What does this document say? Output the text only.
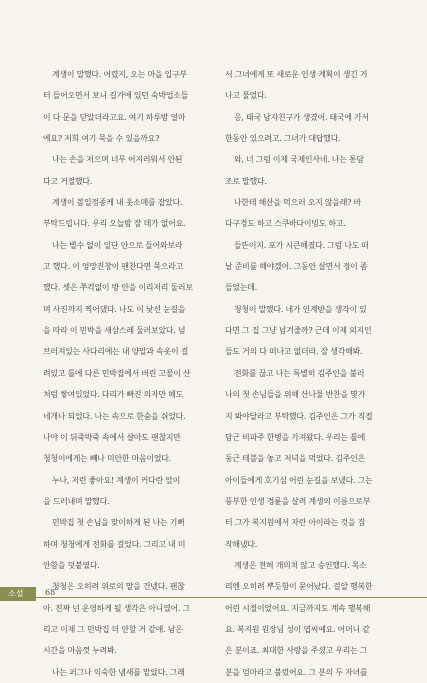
계생이 말했다. 어렸지, 오는 마을 입구부
터 들어오면서 보니 길가에 있던 숙박업소들
이 다 문을 닫았더라고요. 여기 하루밤 얼마
에요? 저희 여기 묵을 수 있을까요?
나는 손을 저으며 너무 어지러워서 안된
다고 거절했다.
계생이 볼일정종케 내 옷소매를 잡았다.
부탁드립니다. 우리 오늘밤 잘 데가 없어요.
나는 별수 없이 일단 안으로 들어와보라
고 했다. 이 엉망진창이 팬찬다면 묵으라고
했다. 셋은 쭈걱없이 방 안을 이리저리 둘러보
며 사진까지 찍어댔다. 나도 이 낯선 눈길을
을 따라 이 민박을 새삼스레 둘러보았다. 넘
브러져있는 사다리에는 내 양말과 속옷이 걸
려있고 틀에 다른 민박집에서 버린 고물이 산
처럼 쌓여있었다. 다리가 빠진 의자만 해도
네개나 되었다. 나는 속으로 한숨을 쉬었다.
나야 이 뒤죽박죽 속에서 살아도 팬찮지만
청청이에게는 빼나 미안한 마음이었다.
누나, 저런 좋아요! 계생이 커다란 앞이
을 드러내며 말했다.
민박집 첫 손님을 맞이하게 된 나는 기뻐
하며 청청에게 전화를 걸었다. 그리고 내 미
안함을 덧붙였다.
청청은 오히려 위로의 말을 건넸다. 팬찮
아. 진짜 넌 운영하게 될 생각은 아니였어. 그
리고 이제 그 민박집 더 안할 거 같애. 남은
시간을 마음껏 누려봐.
나는 퍼그나 익숙한 냄새를 맡았다. 그래
서 그녀에게 또 새로운 인생 계획이 생긴 거
나고 물었다.
응, 태국 남자친구가 생겼어. 태국에 가서
한동안 있으려고. 그녀가 대답했다.
와, 너 그럼 이제 국제인사네. 나는 통담
조로 말했다.
나한테 해산을 먹으러 오지 않을래? 바
다구경도 하고 스쿠바다이빙도 하고.
들뜬이지. 포가 시큰해졌다. 그럼 나도 떠
날 준비를 해야겠어. 그동안 살면서 정이 좀
들었는데.
청청이 말했다. 네가 인계받을 생각이 있
다면 그 집 그냥 넘겨줄까? 근데 이제 외지인
들도 거의 다 떠나고 없더라. 잘 생각해봐.
전화를 끊고 나는 특별히 김주인을 불러
나의 첫 손님들을 위해 산나물 반찬을 몇가
지 봐야달라고 부탁했다. 김주인은 그가 직접
담근 비파주 한병을 가져왔다. 우리는 틀에
둥근 테블을 놓고 저녁을 먹었다. 김주인은
아이들에게 호기심 어린 눈길을 보냈다. 그는
풍부한 인생 경륜을 살려 계생의 이름으로부
터 그가 복지원에서 자란 아이라는 것을 짐
작해냈다.
계생은 전혀 개의치 않고 승인했다. 목소
리엔 오히려 뿌듯함이 묻어났다. 걸알 행복한
어린 시절이었어요. 지금까지도 계속 행복해
요. 복지원 원장님 성이 엽씨예요. 어머니 같
은 분이죠. 최대한 사랑을 주셨고 우리는 그
분을 엄마라고 불렀어요. 그 분의 두 자녀를
소설	68
